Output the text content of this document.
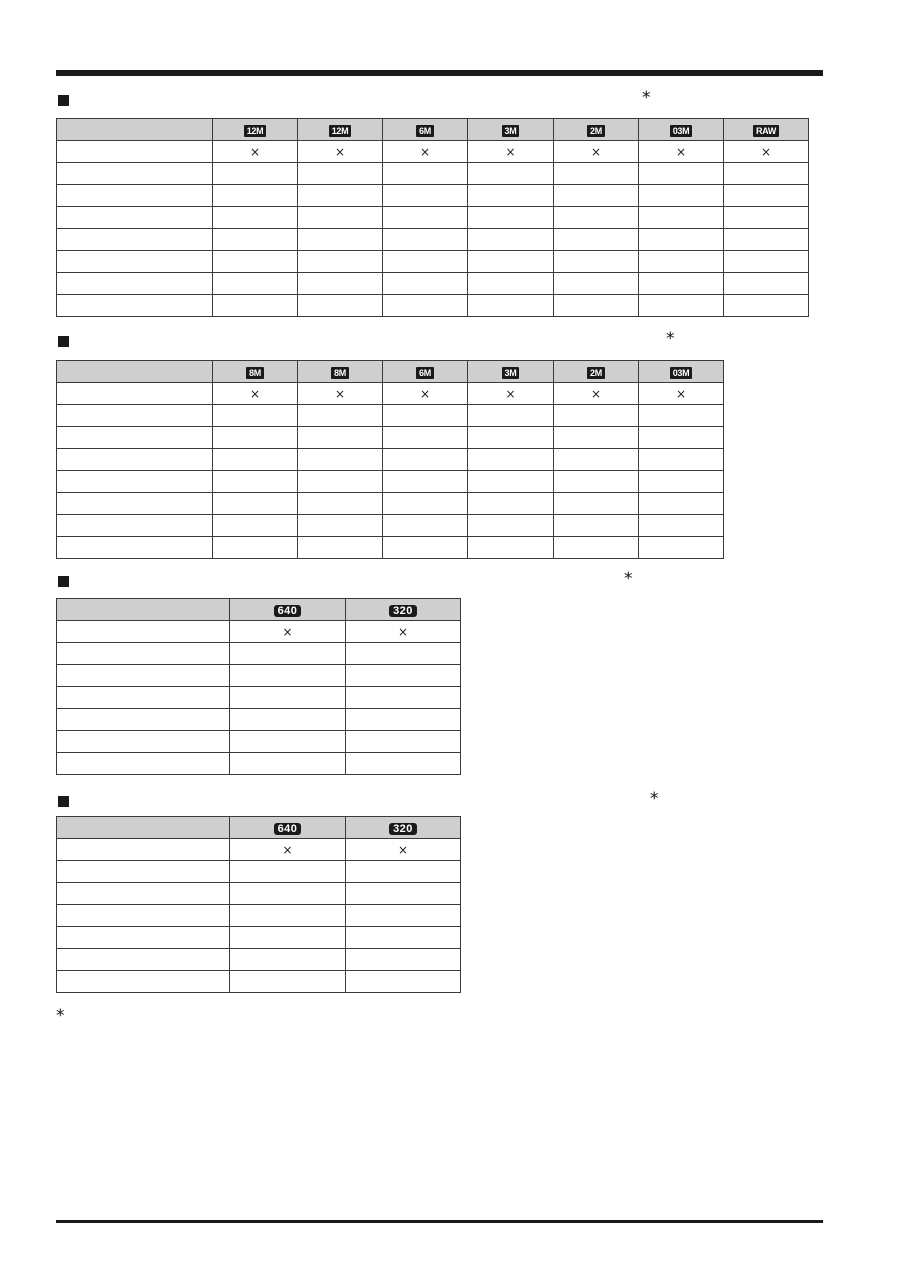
*
	12M	12M	6M	3M	2M	03M	RAW
	×	×	×	×	×	×	×

*
	8M	8M	6M	3M	2M	03M
	×	×	×	×	×	×

*
	640	320
	×	×

*
	640	320
	×	×

*
